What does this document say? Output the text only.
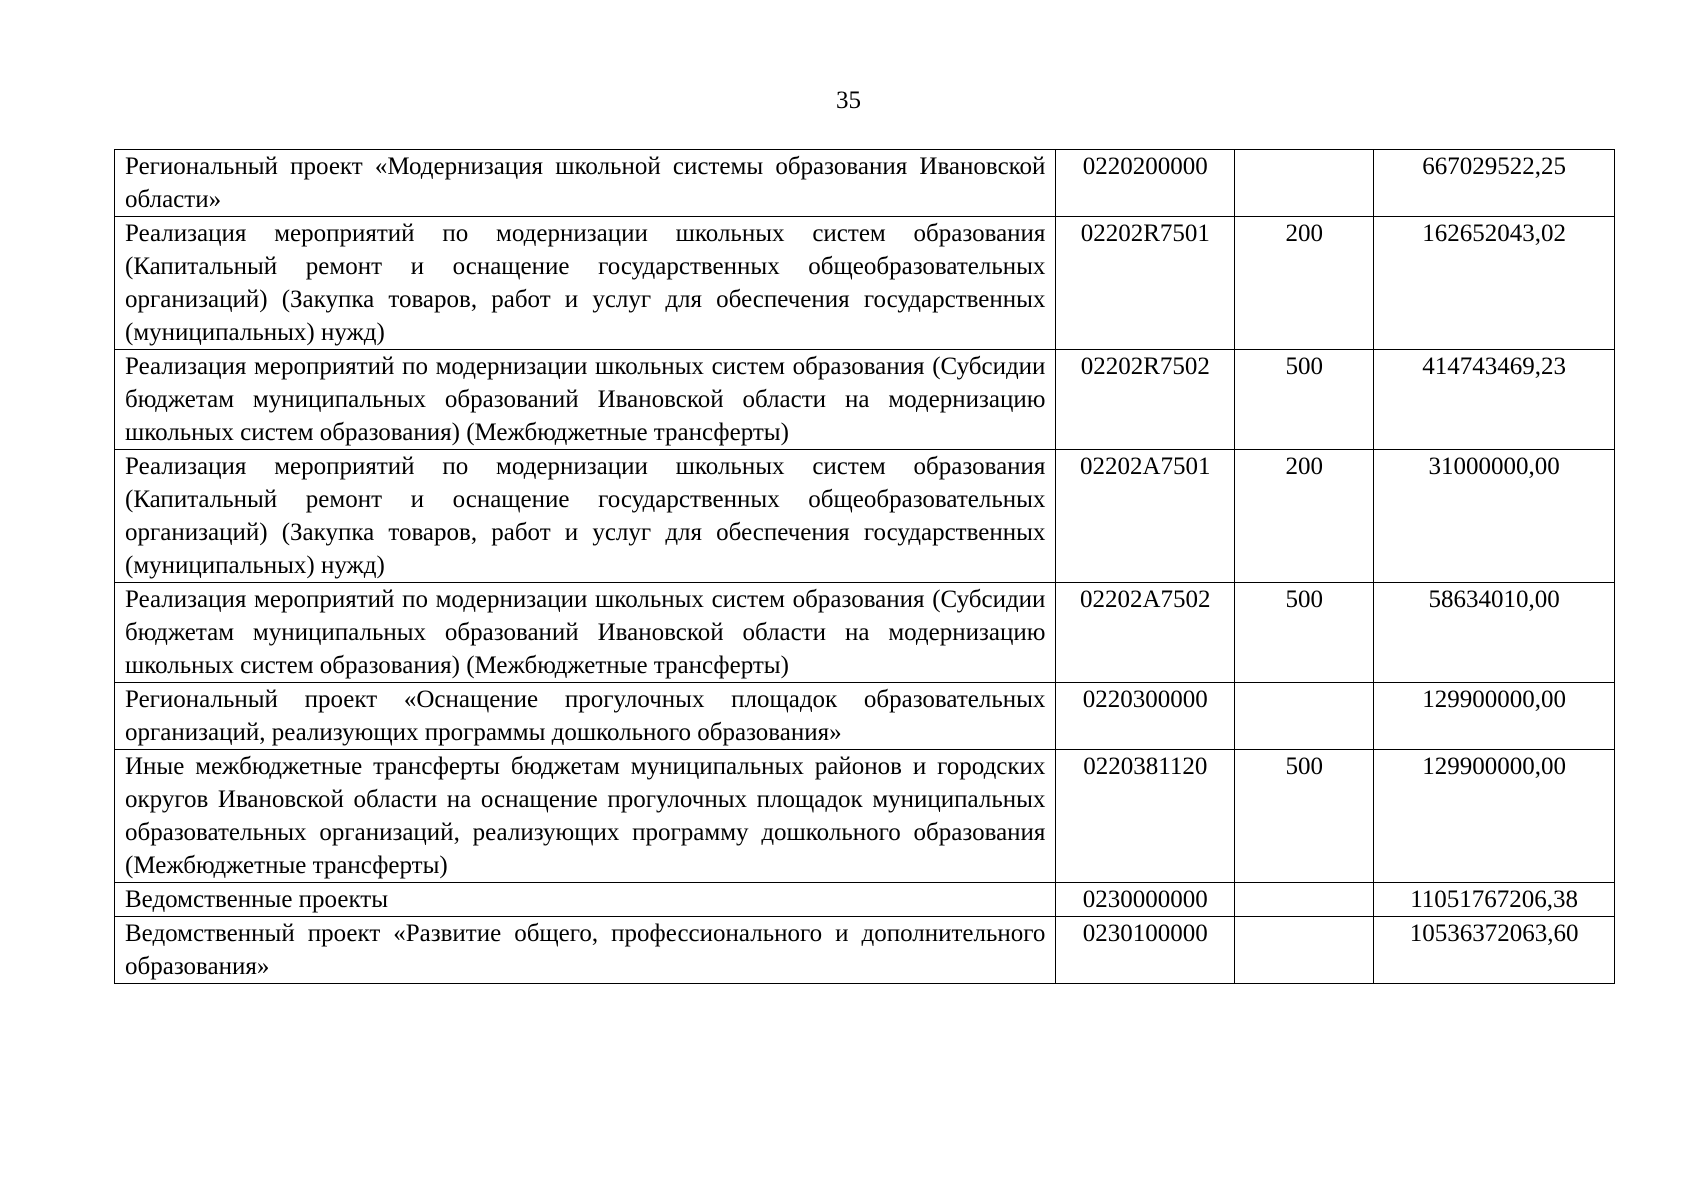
35
Региональный проект «Модернизация школьной системы образования Ивановской области»	0220200000		667029522,25
Реализация мероприятий по модернизации школьных систем образования (Капитальный ремонт и оснащение государственных общеобразовательных организаций) (Закупка товаров, работ и услуг для обеспечения государственных (муниципальных) нужд)	02202R7501	200	162652043,02
Реализация мероприятий по модернизации школьных систем образования (Субсидии бюджетам муниципальных образований Ивановской области на модернизацию школьных систем образования) (Межбюджетные трансферты)	02202R7502	500	414743469,23
Реализация мероприятий по модернизации школьных систем образования (Капитальный ремонт и оснащение государственных общеобразовательных организаций) (Закупка товаров, работ и услуг для обеспечения государственных (муниципальных) нужд)	02202A7501	200	31000000,00
Реализация мероприятий по модернизации школьных систем образования (Субсидии бюджетам муниципальных образований Ивановской области на модернизацию школьных систем образования) (Межбюджетные трансферты)	02202A7502	500	58634010,00
Региональный проект «Оснащение прогулочных площадок образовательных организаций, реализующих программы дошкольного образования»	0220300000		129900000,00
Иные межбюджетные трансферты бюджетам муниципальных районов и городских округов Ивановской области на оснащение прогулочных площадок муниципальных образовательных организаций, реализующих программу дошкольного образования (Межбюджетные трансферты)	0220381120	500	129900000,00
Ведомственные проекты	0230000000		11051767206,38
Ведомственный проект «Развитие общего, профессионального и дополнительного образования»	0230100000		10536372063,60
